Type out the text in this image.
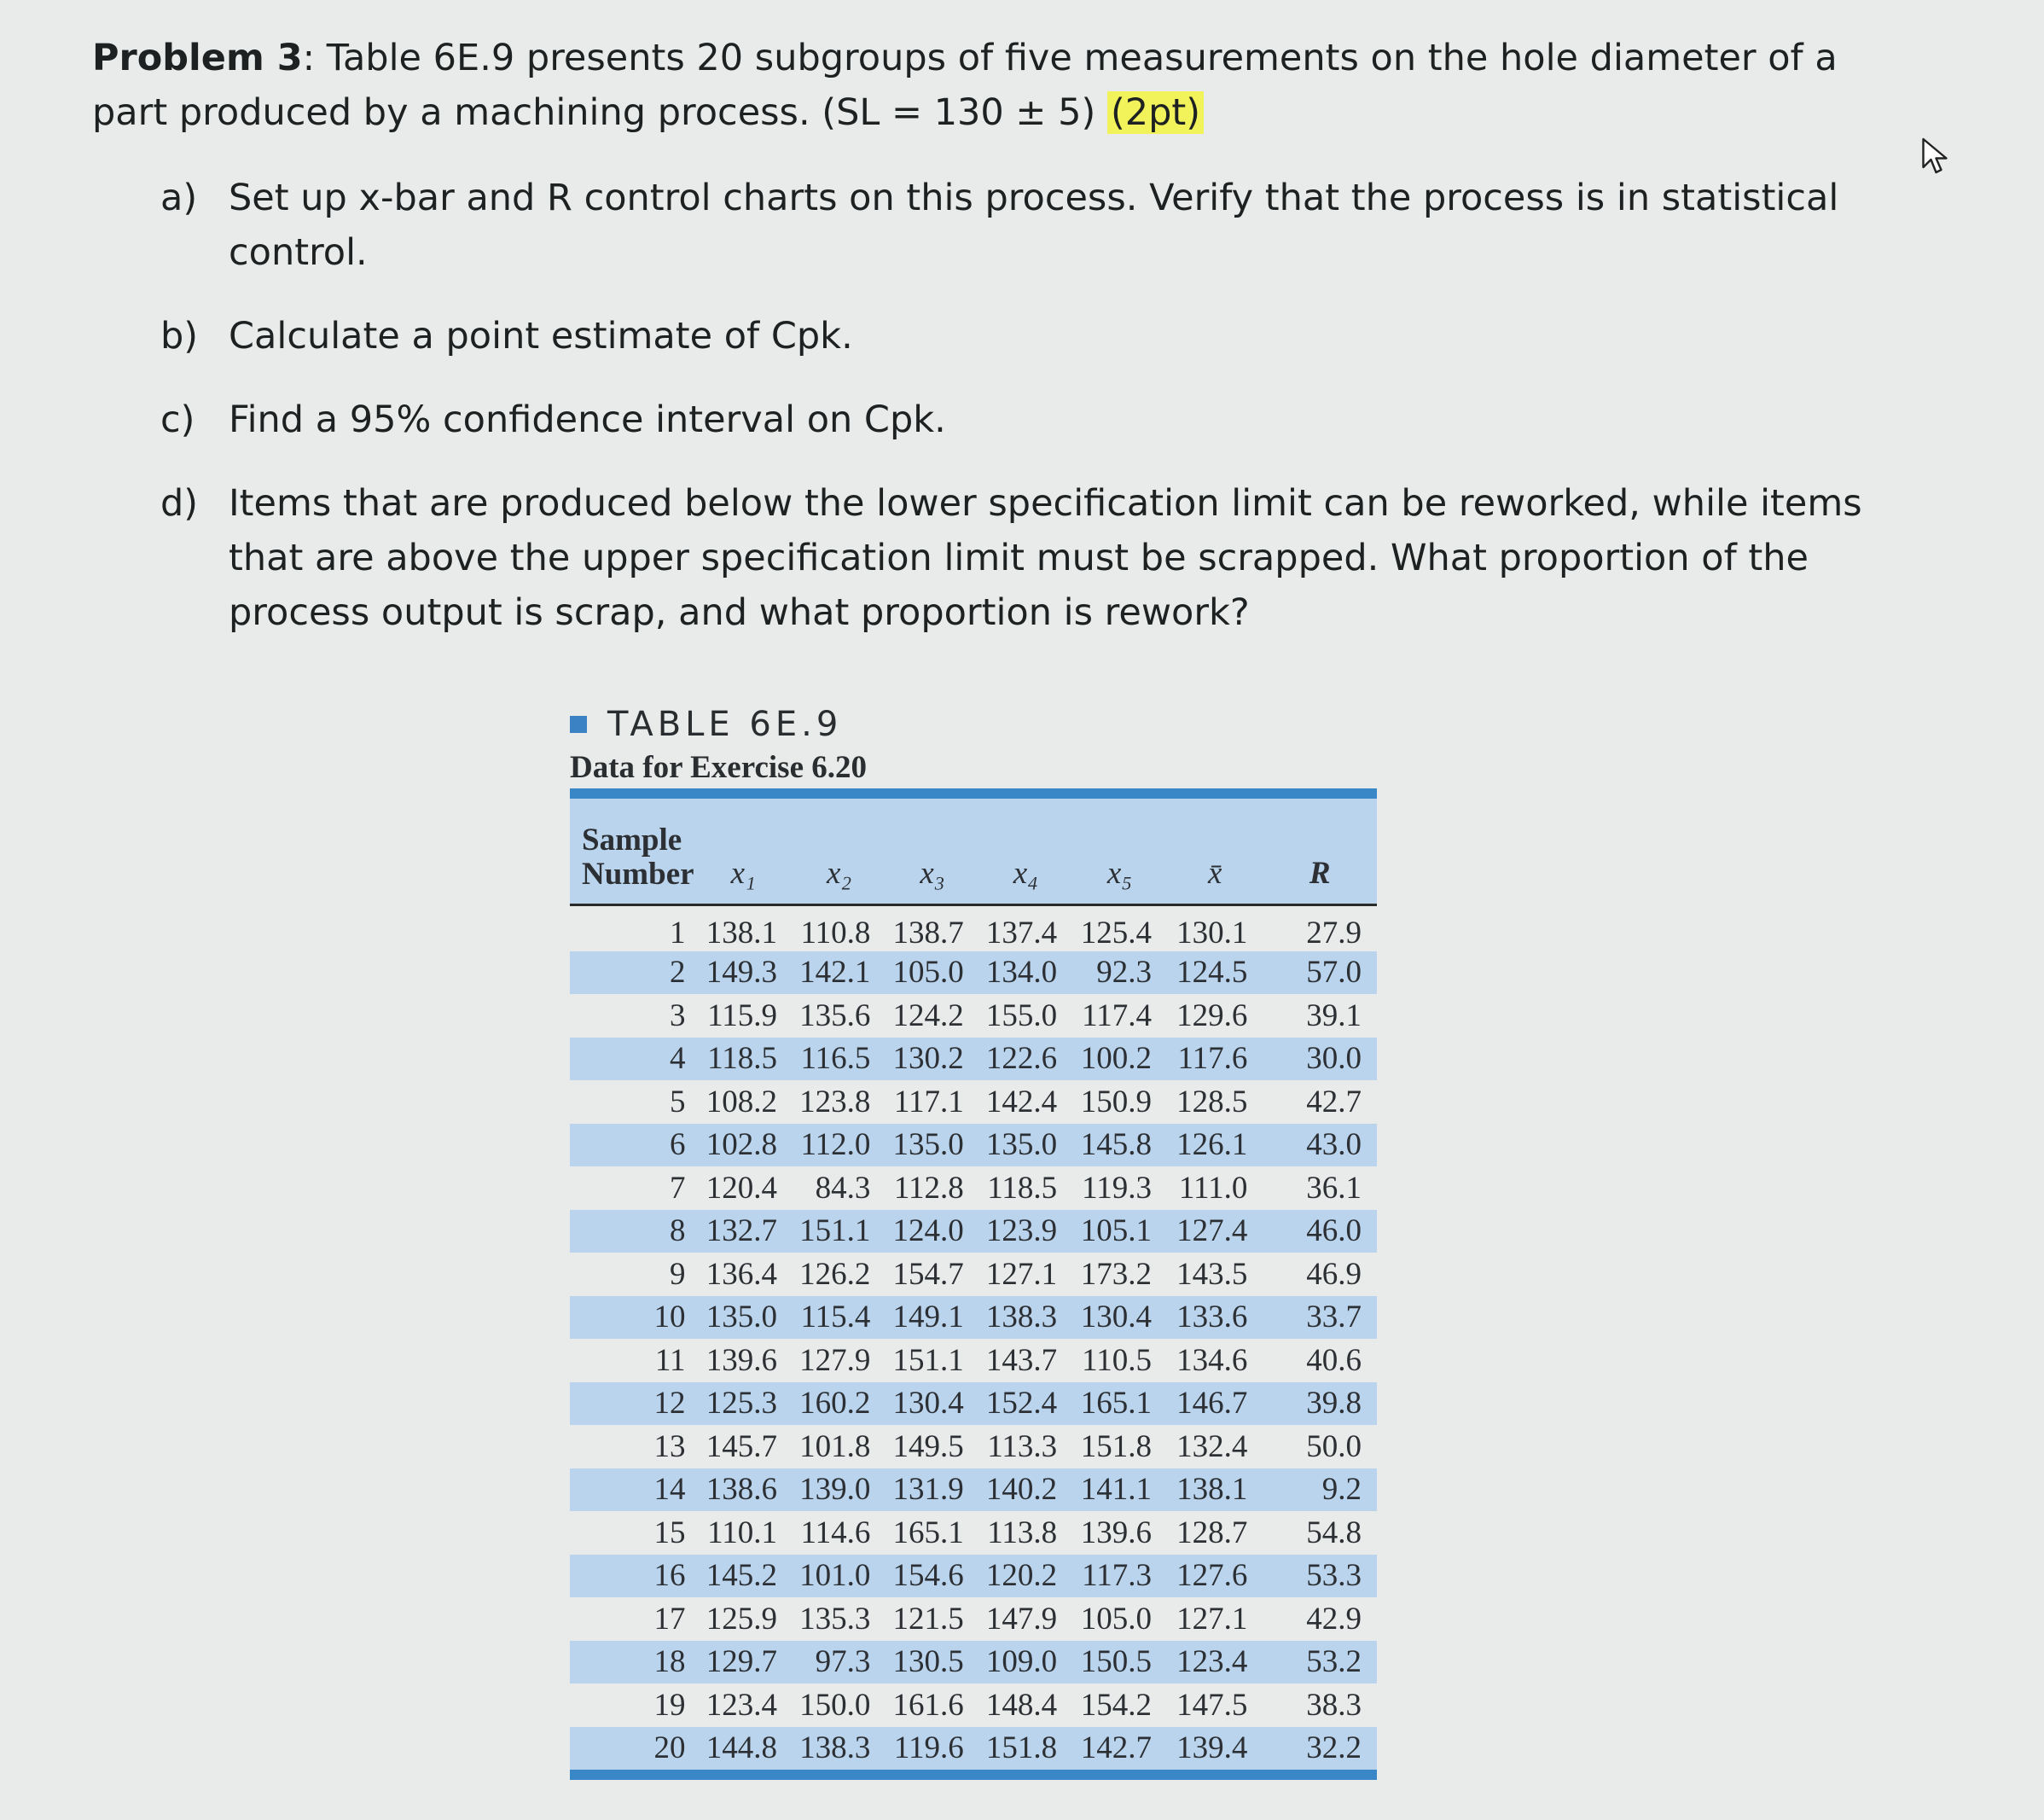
Problem 3: Table 6E.9 presents 20 subgroups of five measurements on the hole diameter of a part produced by a machining process. (SL = 130 ± 5) (2pt)
a) Set up x-bar and R control charts on this process. Verify that the process is in statistical control.
b) Calculate a point estimate of Cpk.
c) Find a 95% confidence interval on Cpk.
d) Items that are produced below the lower specification limit can be reworked, while items that are above the upper specification limit must be scrapped. What proportion of the process output is scrap, and what proportion is rework?
TABLE 6E.9
Data for Exercise 6.20
Sample Number	x₁	x₂	x₃	x₄	x₅	x̄	R
1	138.1	110.8	138.7	137.4	125.4	130.1	27.9
2	149.3	142.1	105.0	134.0	92.3	124.5	57.0
3	115.9	135.6	124.2	155.0	117.4	129.6	39.1
4	118.5	116.5	130.2	122.6	100.2	117.6	30.0
5	108.2	123.8	117.1	142.4	150.9	128.5	42.7
6	102.8	112.0	135.0	135.0	145.8	126.1	43.0
7	120.4	84.3	112.8	118.5	119.3	111.0	36.1
8	132.7	151.1	124.0	123.9	105.1	127.4	46.0
9	136.4	126.2	154.7	127.1	173.2	143.5	46.9
10	135.0	115.4	149.1	138.3	130.4	133.6	33.7
11	139.6	127.9	151.1	143.7	110.5	134.6	40.6
12	125.3	160.2	130.4	152.4	165.1	146.7	39.8
13	145.7	101.8	149.5	113.3	151.8	132.4	50.0
14	138.6	139.0	131.9	140.2	141.1	138.1	9.2
15	110.1	114.6	165.1	113.8	139.6	128.7	54.8
16	145.2	101.0	154.6	120.2	117.3	127.6	53.3
17	125.9	135.3	121.5	147.9	105.0	127.1	42.9
18	129.7	97.3	130.5	109.0	150.5	123.4	53.2
19	123.4	150.0	161.6	148.4	154.2	147.5	38.3
20	144.8	138.3	119.6	151.8	142.7	139.4	32.2
